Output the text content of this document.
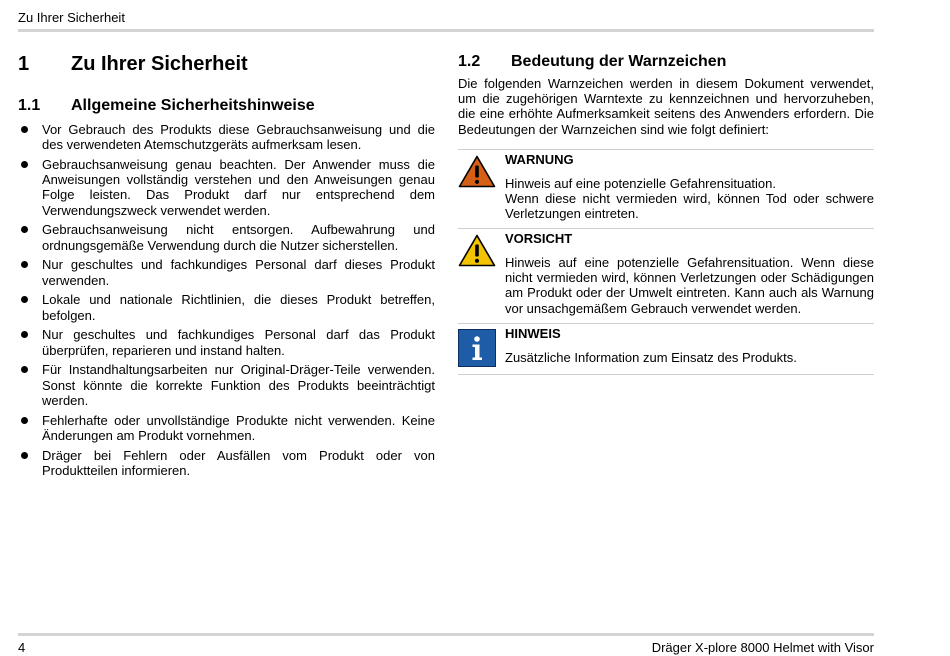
Zu Ihrer Sicherheit
1	Zu Ihrer Sicherheit
1.1	Allgemeine Sicherheitshinweise
Vor Gebrauch des Produkts diese Gebrauchsanweisung und die des verwendeten Atemschutzgeräts aufmerksam lesen.
Gebrauchsanweisung genau beachten. Der Anwender muss die Anweisungen vollständig verstehen und den Anweisungen genau Folge leisten. Das Produkt darf nur entsprechend dem Verwendungszweck verwendet werden.
Gebrauchsanweisung nicht entsorgen. Aufbewahrung und ordnungsgemäße Verwendung durch die Nutzer sicherstellen.
Nur geschultes und fachkundiges Personal darf dieses Produkt verwenden.
Lokale und nationale Richtlinien, die dieses Produkt betreffen, befolgen.
Nur geschultes und fachkundiges Personal darf das Produkt überprüfen, reparieren und instand halten.
Für Instandhaltungsarbeiten nur Original-Dräger-Teile verwenden. Sonst könnte die korrekte Funktion des Produkts beeinträchtigt werden.
Fehlerhafte oder unvollständige Produkte nicht verwenden. Keine Änderungen am Produkt vornehmen.
Dräger bei Fehlern oder Ausfällen vom Produkt oder von Produktteilen informieren.
1.2	Bedeutung der Warnzeichen

Die folgenden Warnzeichen werden in diesem Dokument verwendet, um die zugehörigen Warntexte zu kennzeichnen und hervorzuheben, die eine erhöhte Aufmerksamkeit seitens des Anwenders erfordern. Die Bedeutungen der Warnzeichen sind wie folgt definiert:

WARNUNG
Hinweis auf eine potenzielle Gefahrensituation.
Wenn diese nicht vermieden wird, können Tod oder schwere Verletzungen eintreten.
VORSICHT
Hinweis auf eine potenzielle Gefahrensituation. Wenn diese nicht vermieden wird, können Verletzungen oder Schädigungen am Produkt oder der Umwelt eintreten. Kann auch als Warnung vor unsachgemäßem Gebrauch verwendet werden.
HINWEIS
Zusätzliche Information zum Einsatz des Produkts.
4	Dräger X-plore 8000 Helmet with Visor
